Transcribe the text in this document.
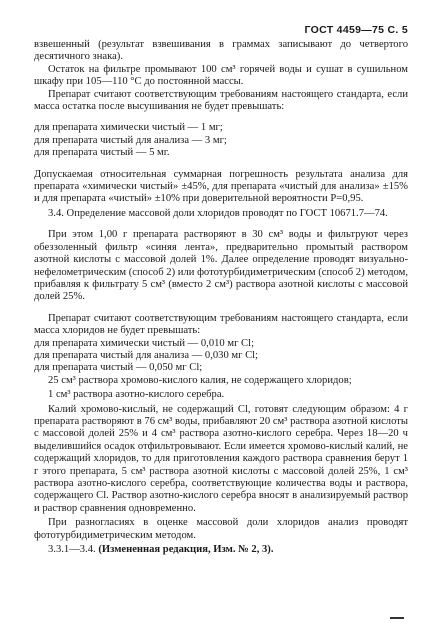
ГОСТ 4459—75 С. 5

взвешенный (результат взвешивания в граммах записывают до четвертого десятичного знака).

Остаток на фильтре промывают 100 см³ горячей воды и сушат в сушильном шкафу при 105—110 °C до постоянной массы.

Препарат считают соответствующим требованиям настоящего стандарта, если масса остатка после высушивания не будет превышать:

для препарата химически чистый — 1 мг;

для препарата чистый для анализа — 3 мг;

для препарата чистый — 5 мг.

Допускаемая относительная суммарная погрешность результата анализа для препарата «химически чистый» ±45%, для препарата «чистый для анализа» ±15% и для препарата «чистый» ±10% при доверительной вероятности P=0,95.

3.4. Определение массовой доли хлоридов проводят по ГОСТ 10671.7—74.

При этом 1,00 г препарата растворяют в 30 см³ воды и фильтруют через обеззоленный фильтр «синяя лента», предварительно промытый раствором азотной кислоты с массовой долей 1%. Далее определение проводят визуально-нефелометрическим (способ 2) или фототурбидиметрическим (способ 2) методом, прибавляя к фильтрату 5 см³ (вместо 2 см³) раствора азотной кислоты с массовой долей 25%.

Препарат считают соответствующим требованиям настоящего стандарта, если масса хлоридов не будет превышать:

для препарата химически чистый — 0,010 мг Cl;

для препарата чистый для анализа — 0,030 мг Cl;

для препарата чистый — 0,050 мг Cl;

25 см³ раствора хромово-кислого калия, не содержащего хлоридов;

1 см³ раствора азотно-кислого серебра.

Калий хромово-кислый, не содержащий Cl, готовят следующим образом: 4 г препарата растворяют в 76 см³ воды, прибавляют 20 см³ раствора азотной кислоты с массовой долей 25% и 4 см³ раствора азотно-кислого серебра. Через 18—20 ч выделившийся осадок отфильтровывают. Если имеется хромово-кислый калий, не содержащий хлоридов, то для приготовления каждого раствора сравнения берут 1 г этого препарата, 5 см³ раствора азотной кислоты с массовой долей 25%, 1 см³ раствора азотно-кислого серебра, соответствующие количества воды и раствора, содержащего Cl. Раствор азотно-кислого серебра вносят в анализируемый раствор и раствор сравнения одновременно.

При разногласиях в оценке массовой доли хлоридов анализ проводят фототурбидиметрическим методом.

3.3.1—3.4. (Измененная редакция, Изм. № 2, 3).
